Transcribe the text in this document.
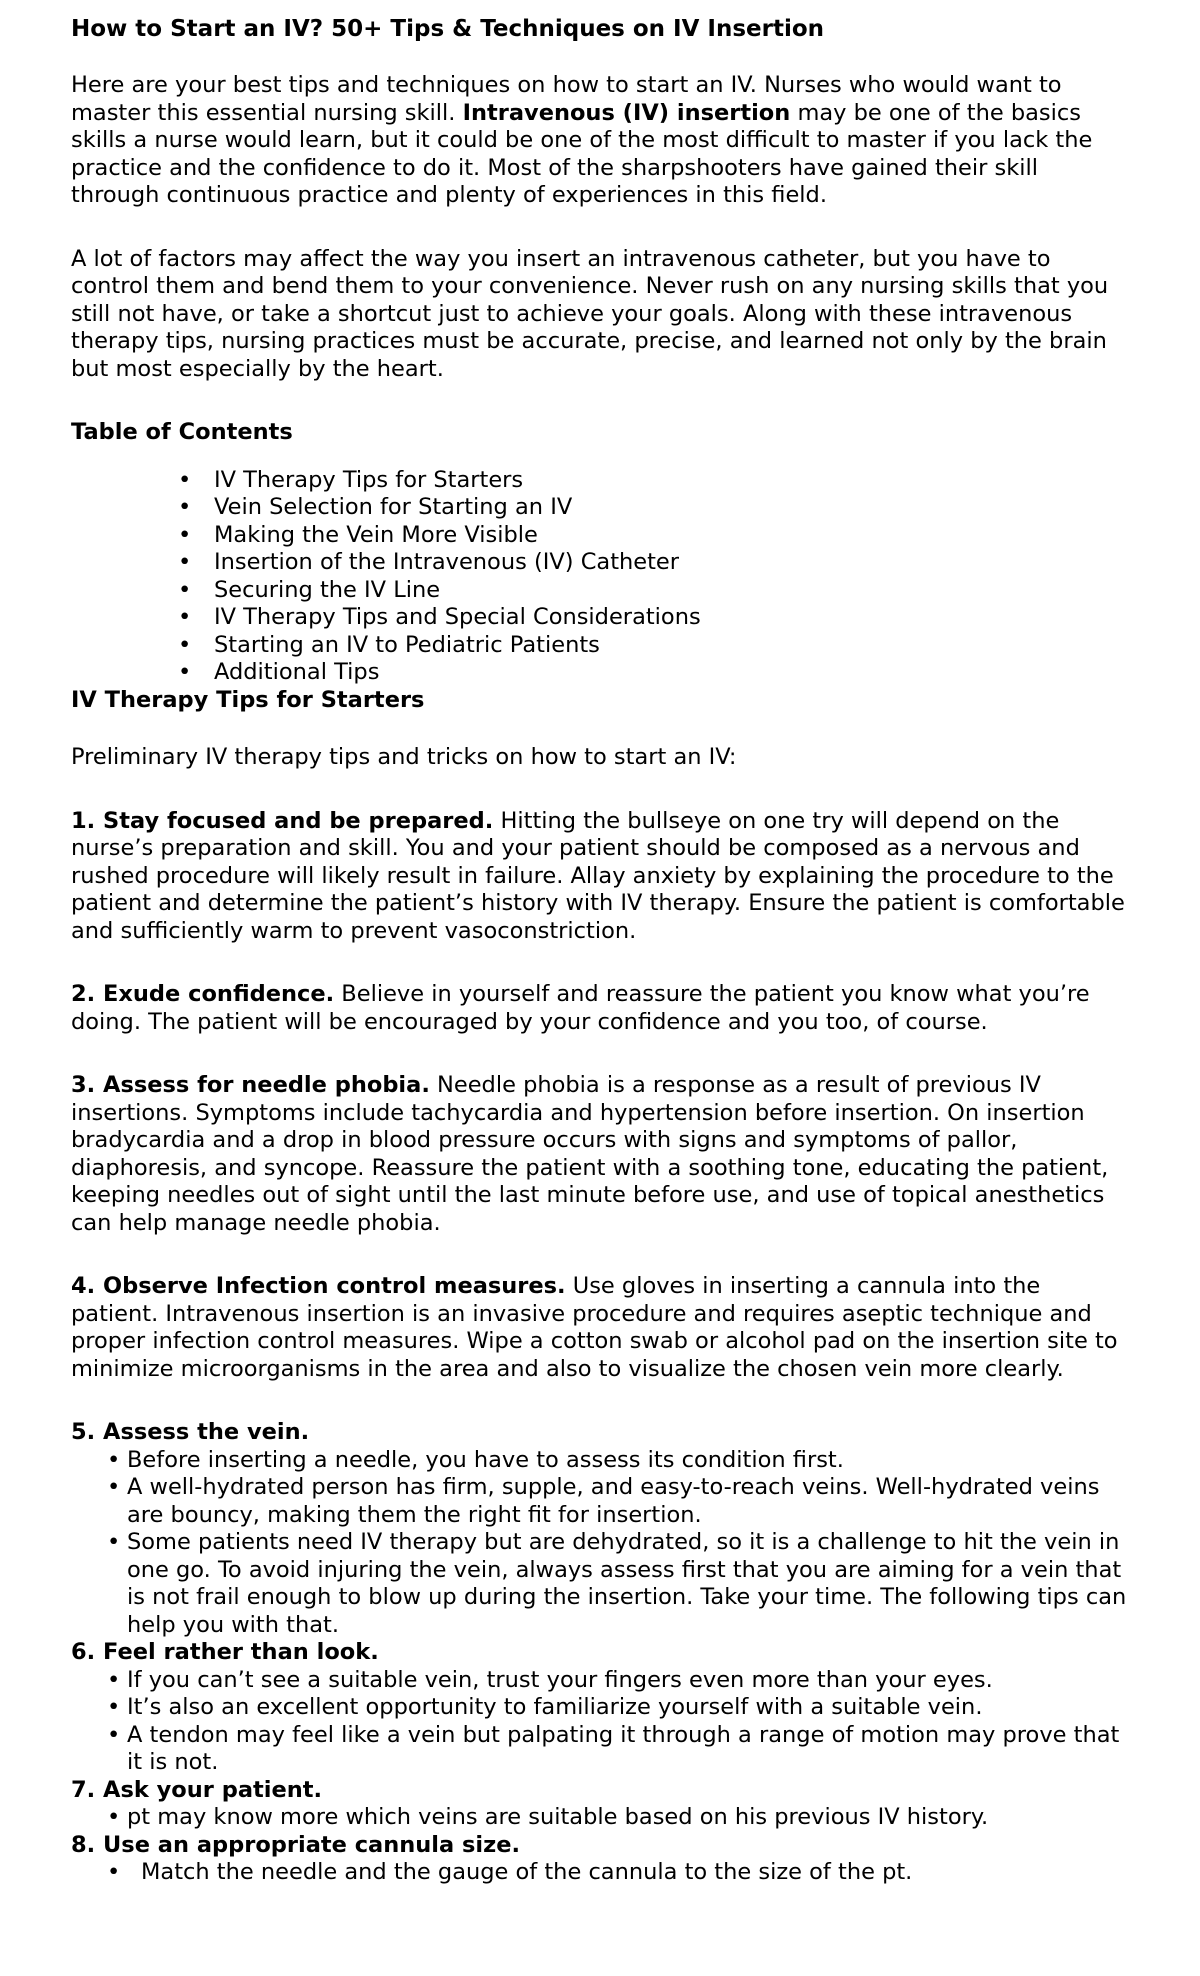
How to Start an IV? 50+ Tips & Techniques on IV Insertion

Here are your best tips and techniques on how to start an IV. Nurses who would want to master this essential nursing skill. Intravenous (IV) insertion may be one of the basics skills a nurse would learn, but it could be one of the most difficult to master if you lack the practice and the confidence to do it. Most of the sharpshooters have gained their skill through continuous practice and plenty of experiences in this field.

A lot of factors may affect the way you insert an intravenous catheter, but you have to control them and bend them to your convenience. Never rush on any nursing skills that you still not have, or take a shortcut just to achieve your goals. Along with these intravenous therapy tips, nursing practices must be accurate, precise, and learned not only by the brain but most especially by the heart.

Table of Contents
• IV Therapy Tips for Starters
• Vein Selection for Starting an IV
• Making the Vein More Visible
• Insertion of the Intravenous (IV) Catheter
• Securing the IV Line
• IV Therapy Tips and Special Considerations
• Starting an IV to Pediatric Patients
• Additional Tips
IV Therapy Tips for Starters

Preliminary IV therapy tips and tricks on how to start an IV:

1. Stay focused and be prepared. Hitting the bullseye on one try will depend on the nurse’s preparation and skill. You and your patient should be composed as a nervous and rushed procedure will likely result in failure. Allay anxiety by explaining the procedure to the patient and determine the patient’s history with IV therapy. Ensure the patient is comfortable and sufficiently warm to prevent vasoconstriction.

2. Exude confidence. Believe in yourself and reassure the patient you know what you’re doing. The patient will be encouraged by your confidence and you too, of course.

3. Assess for needle phobia. Needle phobia is a response as a result of previous IV insertions. Symptoms include tachycardia and hypertension before insertion. On insertion bradycardia and a drop in blood pressure occurs with signs and symptoms of pallor, diaphoresis, and syncope. Reassure the patient with a soothing tone, educating the patient, keeping needles out of sight until the last minute before use, and use of topical anesthetics can help manage needle phobia.

4. Observe Infection control measures. Use gloves in inserting a cannula into the patient. Intravenous insertion is an invasive procedure and requires aseptic technique and proper infection control measures. Wipe a cotton swab or alcohol pad on the insertion site to minimize microorganisms in the area and also to visualize the chosen vein more clearly.

5. Assess the vein.
• Before inserting a needle, you have to assess its condition first.
• A well-hydrated person has firm, supple, and easy-to-reach veins. Well-hydrated veins are bouncy, making them the right fit for insertion.
• Some patients need IV therapy but are dehydrated, so it is a challenge to hit the vein in one go. To avoid injuring the vein, always assess first that you are aiming for a vein that is not frail enough to blow up during the insertion. Take your time. The following tips can help you with that.
6. Feel rather than look.
• If you can’t see a suitable vein, trust your fingers even more than your eyes.
• It’s also an excellent opportunity to familiarize yourself with a suitable vein.
• A tendon may feel like a vein but palpating it through a range of motion may prove that it is not.
7. Ask your patient.
• pt may know more which veins are suitable based on his previous IV history.
8. Use an appropriate cannula size.
• Match the needle and the gauge of the cannula to the size of the pt.
